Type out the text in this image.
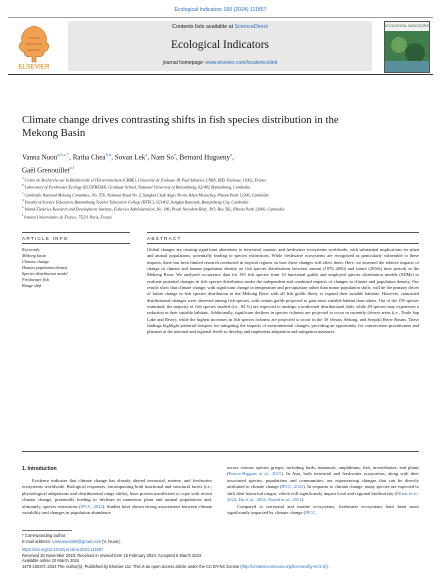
Ecological Indicators 160 (2024) 111857
ELSEVIER
Contents lists available at ScienceDirect
Ecological Indicators
journal homepage: www.elsevier.com/locate/ecolind
ECOLOGICAL INDICATORS
Climate change drives contrasting shifts in fish species distribution in the
Mekong Basin
Vanna Nuon$^{a,b,c,*}$, Ratha Chea$^{b,d}$, Sovan Lek$^a$, Nam So$^e$, Bernard Hugueny$^a$,
Gaël Grenouillet$^{a,f}$
$^a$ Centre de Recherche sur la Biodiversité et l'Environnement (CRBE), Université de Toulouse III Paul Sabatier, CNRS, IRD, Toulouse 31062, France
$^b$ Laboratory of Freshwater Ecology (ECOFRESH), Graduate School, National University of Battambang, 021402 Battambang, Cambodia
$^c$ Cambodia National Mekong Committee, No. 576, National Road No. 2, Sangkat Chak Angre Krom, Khan Meanchey, Phnom Penh 12306, Cambodia
$^d$ Faculty of Science Education, Battambang Teacher Education College (BTEC), 021402, Sangkat Rattanak, Battambang City, Cambodia
$^e$ Inland Fisheries Research and Development Institute, Fisheries Administration, No. 186, Preah Norodom Blvd., P.O. Box 582, Phnom Penh 12000, Cambodia
$^f$ Institut Universitaire de France, 75231 Paris, France
ARTICLE INFO	ABSTRACT
Keywords:
Mekong basin
Climate change
Human population density
Species distribution model
Freshwater fish
Range shift
Global changes are causing significant alterations to terrestrial, marine, and freshwater ecosystems worldwide, with substantial implications for plant and animal populations, potentially leading to species extinctions. While freshwater ecosystems are recognized as particularly vulnerable to these impacts, there has been limited research conducted in tropical regions on how these changes will affect them. Here, we assessed the relative impacts of change in climate and human population density on fish species distributions between current (1970–2000) and future (2050s) time periods in the Mekong River. We analyzed occurrence data for 195 fish species from 10 functional guilds and employed species distribution models (SDMs) to evaluate potential changes in fish species distribution under the independent and combined impacts of changes in climate and population density. Our results show that climate change, with significant change in temperature and precipitation rather than minor population shifts, will be the primary driver of future change in fish species distribution in the Mekong River with all fish guilds likely to expand their suitable habitats. However, contrasted distributional changes were observed among fish species, with certain guilds projected to gain more suitable habitat than others. Out of the 195 species examined, the majority of fish species studied (i.e., 84 %) are expected to undergo a northward distributional shift, while 49 species may experience a reduction in their suitable habitats. Additionally, significant declines in species richness are projected to occur in currently diverse areas (i.e., Tonle Sap Lake and River), while the highest increases in fish species richness are projected to occur in the 3S (Sesan, Sekong, and Srepok) River Basins. These findings highlight potential hotspots for mitigating the impacts of environmental changes, providing an opportunity for conservation practitioners and planners at the national and regional levels to develop and implement adaptation and mitigation measures.
1. Introduction
Evidence indicates that climate change has already altered terrestrial, marine, and freshwater ecosystems worldwide. Biological responses, encompassing both functional and structural facets (i.e., physiological adaptations and distributional range shifts), have proven insufficient to cope with recent climate change, potentially leading to declines in numerous plant and animal populations and, ultimately, species extinctions (IPCC, 2022). Studies have shown strong associations between climate variability and changes in population abundance

across various species groups, including birds, mammals, amphibians, fish, invertebrates, and plants (Pearce-Higgins et al., 2015). In Asia, both terrestrial and freshwater ecosystems, along with their associated species, populations and communities, are experiencing changes that can be directly attributed to climate change (IPCC, 2022). In response to climate change, many species are expected to shift their historical ranges, which will significantly impact local and regional biodiversity (Elliott et al., 2022; Hu et al., 2022; Pound et al., 2021).

Compared to terrestrial and marine ecosystems, freshwater ecosystems have been more significantly impacted by climate change (IPCC,

* Corresponding author.
E-mail address: vannanuon88@gmail.com (V. Nuon).
https://doi.org/10.1016/j.ecolind.2024.111857
Received 20 November 2023; Received in revised form 15 February 2024; Accepted 5 March 2024
Available online 10 March 2024
1470-160X/© 2024 The Author(s). Published by Elsevier Ltd. This is an open access article under the CC BY-NC license (http://creativecommons.org/licenses/by-nc/4.0/).
